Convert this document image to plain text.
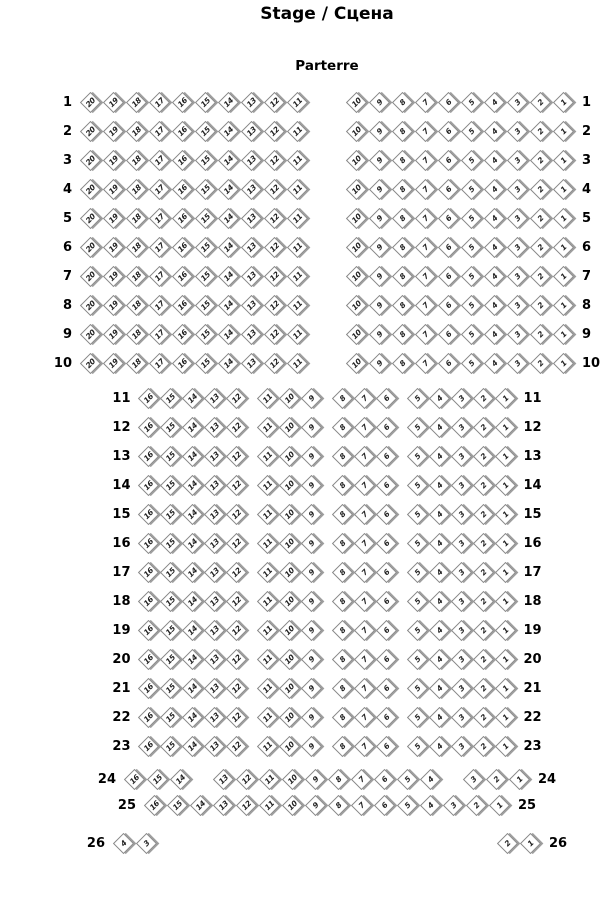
Stage / Сцена
Parterre
1 20 19 18 17 16 15 14 13 12 11	10 9 8 7 6 5 4 3 2 1 1
2 20 19 18 17 16 15 14 13 12 11	10 9 8 7 6 5 4 3 2 1 2
3 20 19 18 17 16 15 14 13 12 11	10 9 8 7 6 5 4 3 2 1 3
4 20 19 18 17 16 15 14 13 12 11	10 9 8 7 6 5 4 3 2 1 4
5 20 19 18 17 16 15 14 13 12 11	10 9 8 7 6 5 4 3 2 1 5
6 20 19 18 17 16 15 14 13 12 11	10 9 8 7 6 5 4 3 2 1 6
7 20 19 18 17 16 15 14 13 12 11	10 9 8 7 6 5 4 3 2 1 7
8 20 19 18 17 16 15 14 13 12 11	10 9 8 7 6 5 4 3 2 1 8
9 20 19 18 17 16 15 14 13 12 11	10 9 8 7 6 5 4 3 2 1 9
10 20 19 18 17 16 15 14 13 12 11	10 9 8 7 6 5 4 3 2 1 10
11 16 15 14 13 12 11 10 9	8 7 6	5 4 3 2 1 11
12 16 15 14 13 12 11 10 9	8 7 6	5 4 3 2 1 12
13 16 15 14 13 12 11 10 9	8 7 6	5 4 3 2 1 13
14 16 15 14 13 12 11 10 9	8 7 6	5 4 3 2 1 14
15 16 15 14 13 12 11 10 9	8 7 6	5 4 3 2 1 15
16 16 15 14 13 12 11 10 9	8 7 6	5 4 3 2 1 16
17 16 15 14 13 12 11 10 9	8 7 6	5 4 3 2 1 17
18 16 15 14 13 12 11 10 9	8 7 6	5 4 3 2 1 18
19 16 15 14 13 12 11 10 9	8 7 6	5 4 3 2 1 19
20 16 15 14 13 12 11 10 9	8 7 6	5 4 3 2 1 20
21 16 15 14 13 12 11 10 9	8 7 6	5 4 3 2 1 21
22 16 15 14 13 12 11 10 9	8 7 6	5 4 3 2 1 22
23 16 15 14 13 12 11 10 9	8 7 6	5 4 3 2 1 23
24 16 15 14	13 12 11 10 9 8 7 6 5 4	3 2 1 24
25 16 15 14 13 12 11 10 9 8 7 6 5 4 3 2 1 25
26 4 3	2 1 26
